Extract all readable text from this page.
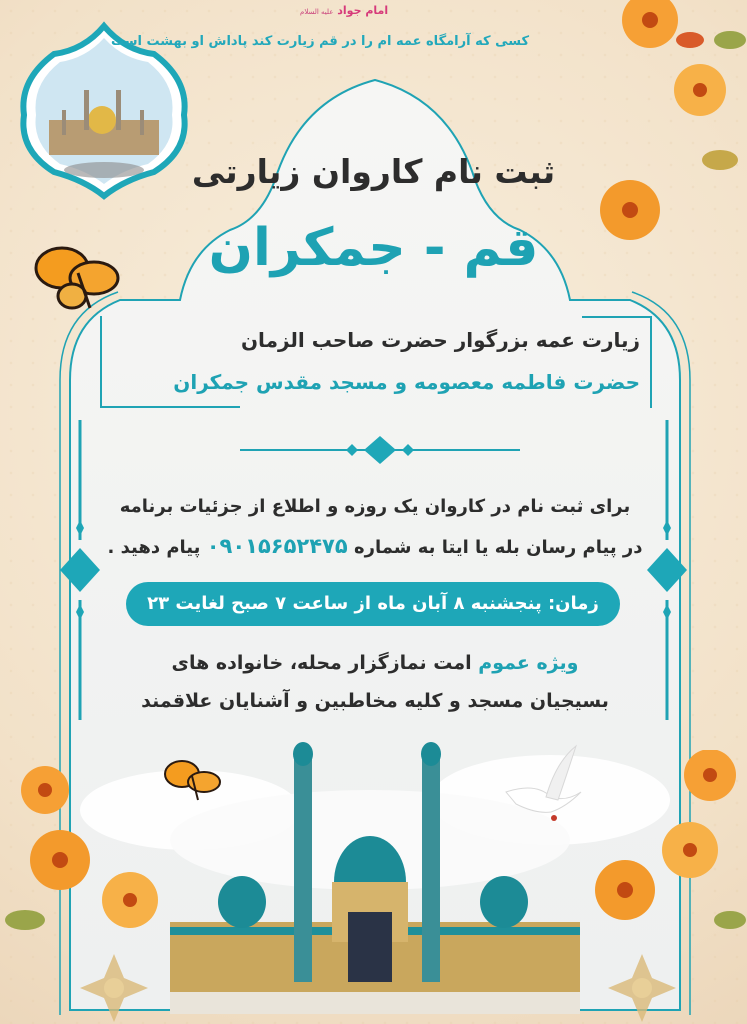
امام جواد علیه السلام
کسی که آرامگاه عمه ام را در قم زیارت کند پاداش او بهشت است
ثبت نام کاروان زیارتی
قم - جمکران
زیارت عمه بزرگوار حضرت صاحب الزمان
حضرت فاطمه معصومه و مسجد مقدس جمکران
برای ثبت نام در کاروان یک روزه و اطلاع از جزئیات برنامه
در پیام رسان بله یا ایتا به شماره ۰۹۰۱۵۶۵۲۴۷۵ پیام دهید .
زمان: پنجشنبه ۸ آبان ماه از ساعت ۷ صبح لغایت ۲۳
ویژه عموم امت نمازگزار محله، خانواده های
بسیجیان مسجد و کلیه مخاطبین و آشنایان علاقمند
